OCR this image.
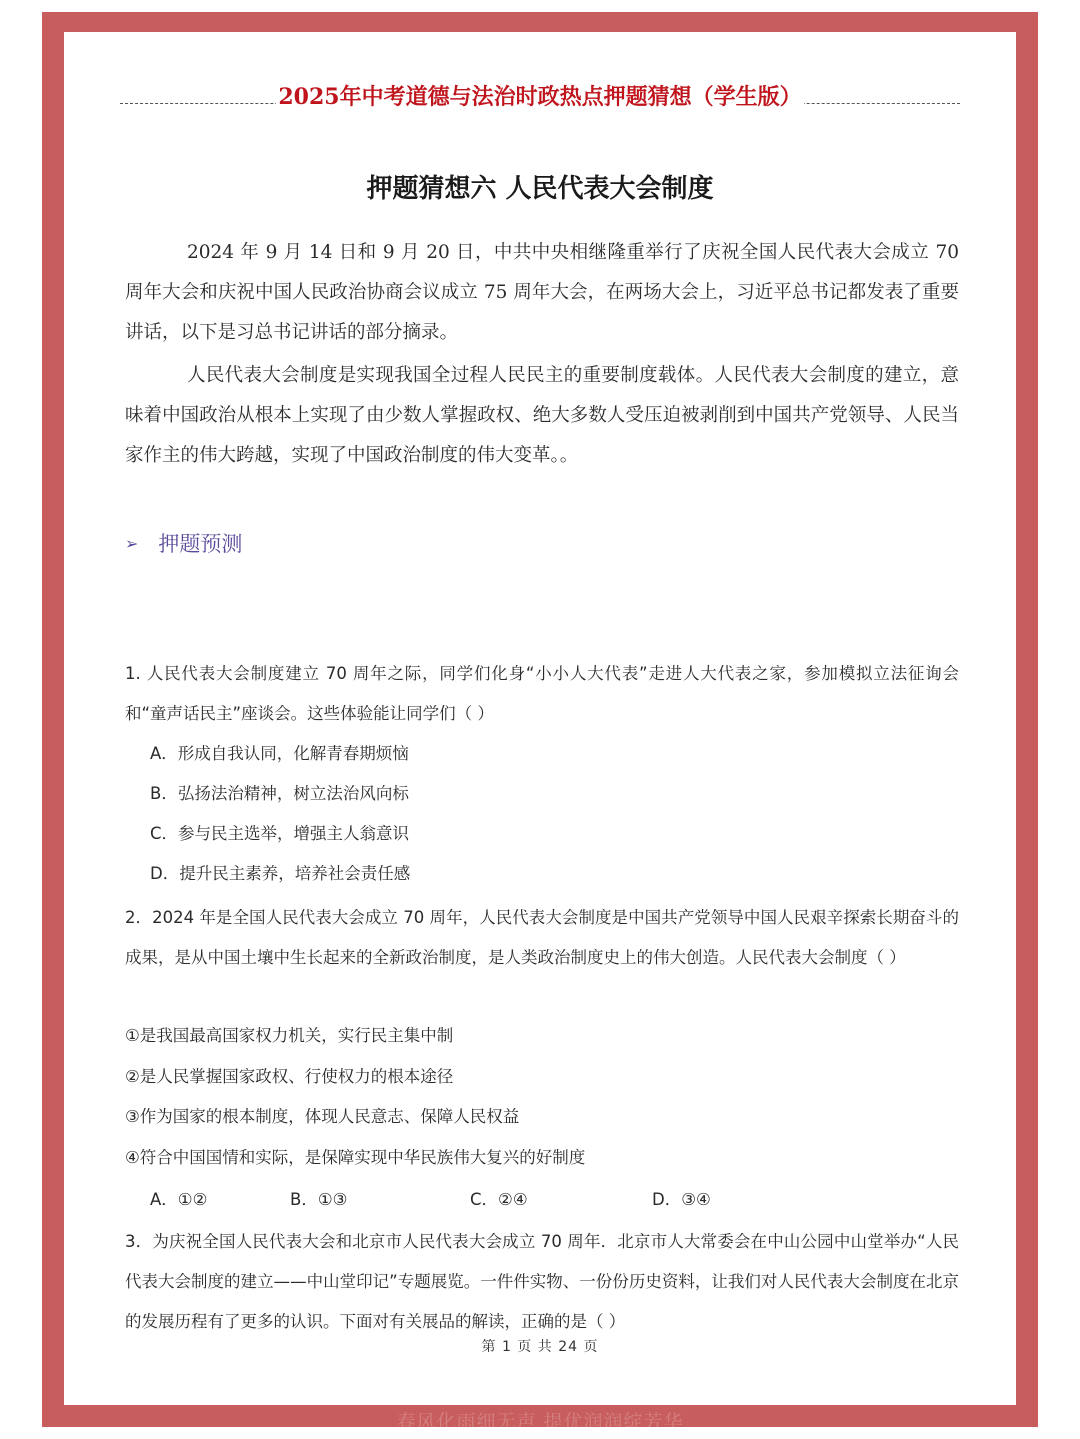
2025年中考道德与法治时政热点押题猜想（学生版）
押题猜想六 人民代表大会制度

2024 年 9 月 14 日和 9 月 20 日，中共中央相继隆重举行了庆祝全国人民代表大会成立 70 周年大会和庆祝中国人民政治协商会议成立 75 周年大会，在两场大会上，习近平总书记都发表了重要讲话，以下是习总书记讲话的部分摘录。

人民代表大会制度是实现我国全过程人民民主的重要制度载体。人民代表大会制度的建立，意味着中国政治从根本上实现了由少数人掌握政权、绝大多数人受压迫被剥削到中国共产党领导、人民当家作主的伟大跨越，实现了中国政治制度的伟大变革。。

➢ 押题预测

1. 人民代表大会制度建立 70 周年之际，同学们化身“小小人大代表”走进人大代表之家，参加模拟立法征询会和“童声话民主”座谈会。这些体验能让同学们（ ）

A．形成自我认同，化解青春期烦恼
B．弘扬法治精神，树立法治风向标
C．参与民主选举，增强主人翁意识
D．提升民主素养，培养社会责任感

2．2024 年是全国人民代表大会成立 70 周年，人民代表大会制度是中国共产党领导中国人民艰辛探索长期奋斗的成果，是从中国土壤中生长起来的全新政治制度，是人类政治制度史上的伟大创造。人民代表大会制度（ ）

①是我国最高国家权力机关，实行民主集中制
②是人民掌握国家政权、行使权力的根本途径
③作为国家的根本制度，体现人民意志、保障人民权益
④符合中国国情和实际，是保障实现中华民族伟大复兴的好制度
A．①②	B．①③	C．②④	D．③④

3．为庆祝全国人民代表大会和北京市人民代表大会成立 70 周年．北京市人大常委会在中山公园中山堂举办“人民代表大会制度的建立——中山堂印记”专题展览。一件件实物、一份份历史资料，让我们对人民代表大会制度在北京的发展历程有了更多的认识。下面对有关展品的解读，正确的是（ ）

第 1 页 共 24 页
春风化雨细无声 提优润润绽芳华
